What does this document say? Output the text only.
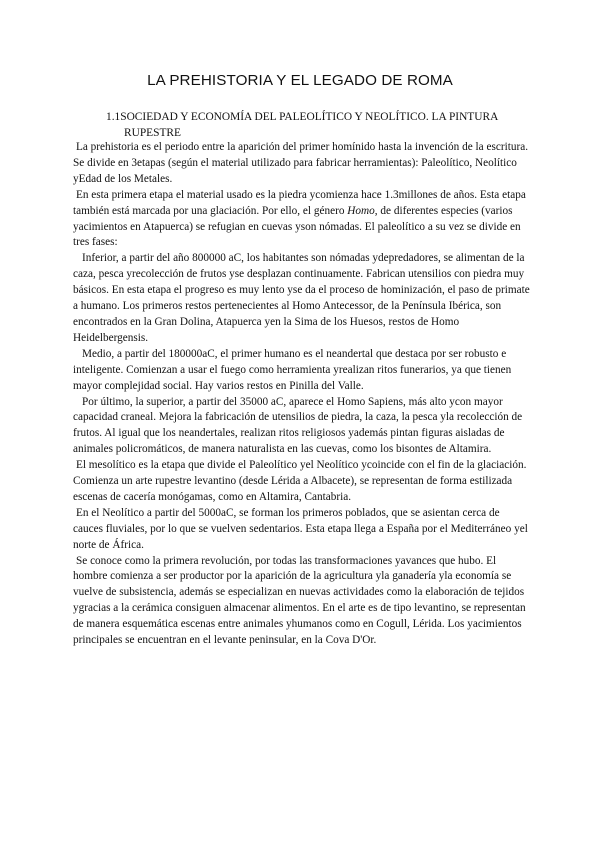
LA PREHISTORIA Y EL LEGADO DE ROMA
1.1SOCIEDAD Y ECONOMÍA DEL PALEOLÍTICO Y NEOLÍTICO. LA PINTURA
RUPESTRE

La prehistoria es el periodo entre la aparición del primer homínido hasta la invención de la escritura. Se divide en 3etapas (según el material utilizado para fabricar herramientas): Paleolítico, Neolítico yEdad de los Metales.

En esta primera etapa el material usado es la piedra ycomienza hace 1.3millones de años. Esta etapa también está marcada por una glaciación. Por ello, el género Homo, de diferentes especies (varios yacimientos en Atapuerca) se refugian en cuevas yson nómadas. El paleolítico a su vez se divide en tres fases:

Inferior, a partir del año 800000 aC, los habitantes son nómadas ydepredadores, se alimentan de la caza, pesca yrecolección de frutos yse desplazan continuamente. Fabrican utensilios con piedra muy básicos. En esta etapa el progreso es muy lento yse da el proceso de hominización, el paso de primate a humano. Los primeros restos pertenecientes al Homo Antecessor, de la Península Ibérica, son encontrados en la Gran Dolina, Atapuerca yen la Sima de los Huesos, restos de Homo Heidelbergensis.

Medio, a partir del 180000aC, el primer humano es el neandertal que destaca por ser robusto e inteligente. Comienzan a usar el fuego como herramienta yrealizan ritos funerarios, ya que tienen mayor complejidad social. Hay varios restos en Pinilla del Valle.

Por último, la superior, a partir del 35000 aC, aparece el Homo Sapiens, más alto ycon mayor capacidad craneal. Mejora la fabricación de utensilios de piedra, la caza, la pesca yla recolección de frutos. Al igual que los neandertales, realizan ritos religiosos yademás pintan figuras aisladas de animales policromáticos, de manera naturalista en las cuevas, como los bisontes de Altamira.

El mesolítico es la etapa que divide el Paleolítico yel Neolítico ycoincide con el fin de la glaciación. Comienza un arte rupestre levantino (desde Lérida a Albacete), se representan de forma estilizada escenas de cacería monógamas, como en Altamira, Cantabria.

En el Neolítico a partir del 5000aC, se forman los primeros poblados, que se asientan cerca de cauces fluviales, por lo que se vuelven sedentarios. Esta etapa llega a España por el Mediterráneo yel norte de África.

Se conoce como la primera revolución, por todas las transformaciones yavances que hubo. El hombre comienza a ser productor por la aparición de la agricultura yla ganadería yla economía se vuelve de subsistencia, además se especializan en nuevas actividades como la elaboración de tejidos ygracias a la cerámica consiguen almacenar alimentos. En el arte es de tipo levantino, se representan de manera esquemática escenas entre animales yhumanos como en Cogull, Lérida. Los yacimientos principales se encuentran en el levante peninsular, en la Cova D'Or.
